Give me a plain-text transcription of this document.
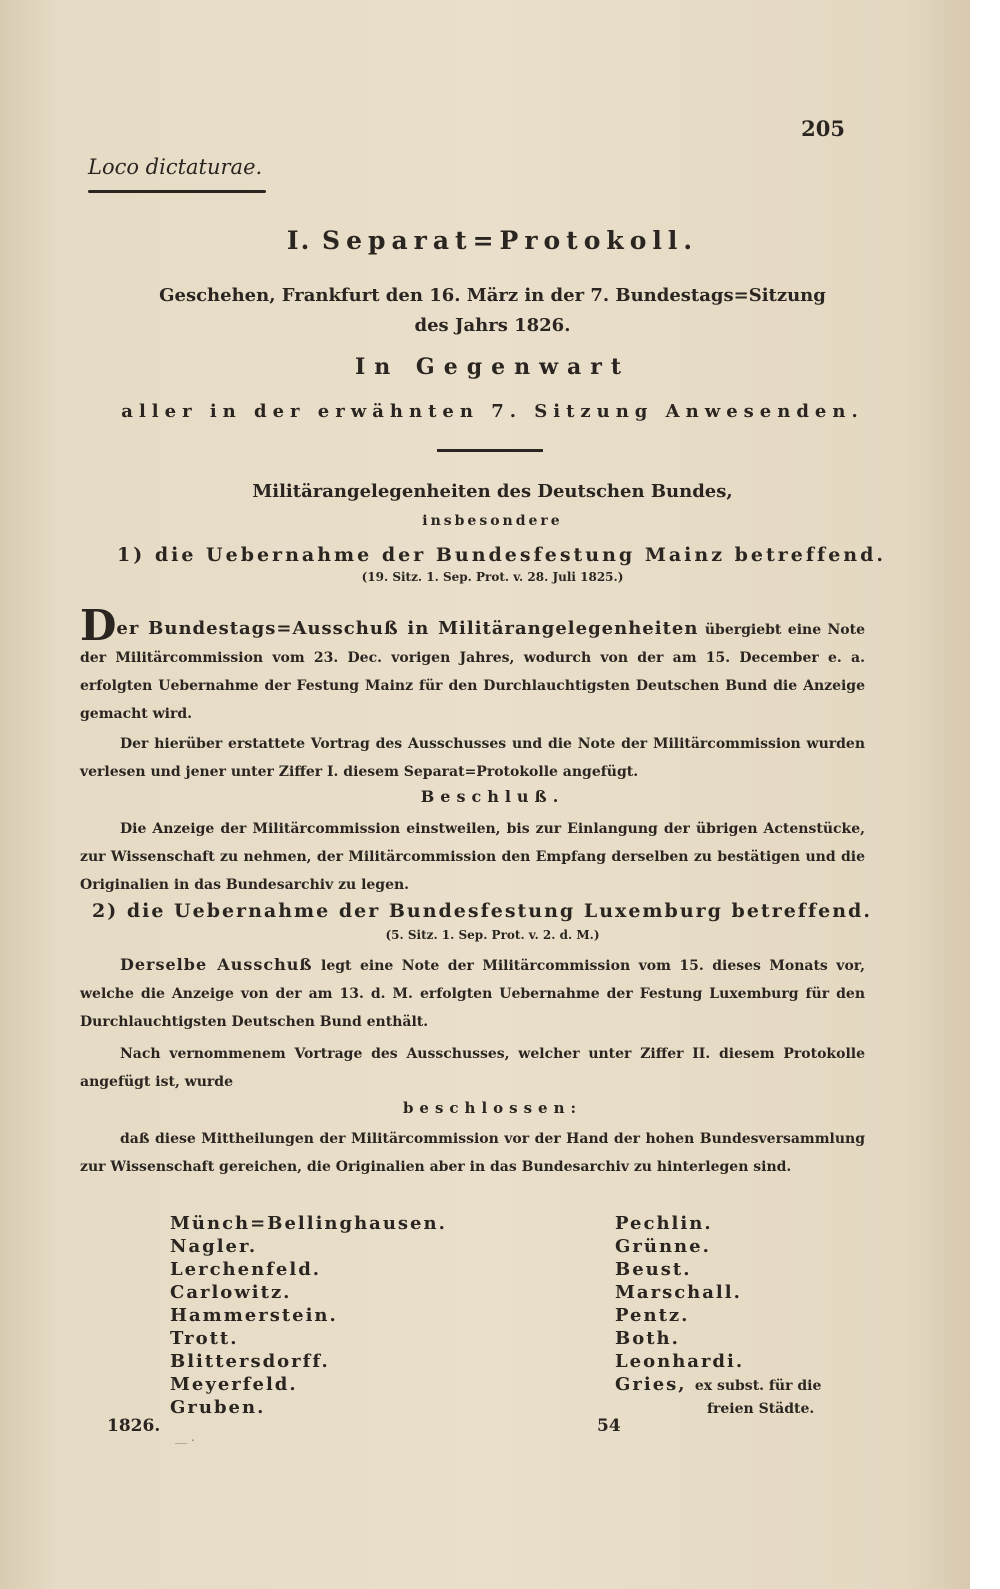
205
Loco dictaturae.
I. Separat=Protokoll.
Geschehen, Frankfurt den 16. März in der 7. Bundestags=Sitzung
des Jahrs 1826.
In Gegenwart
aller in der erwähnten 7. Sitzung Anwesenden.
Militärangelegenheiten des Deutschen Bundes,
insbesondere
1) die Uebernahme der Bundesfestung Mainz betreffend.
(19. Sitz. 1. Sep. Prot. v. 28. Juli 1825.)
Der Bundestags=Ausschuß in Militärangelegenheiten übergiebt eine Note der Militärcommission vom 23. Dec. vorigen Jahres, wodurch von der am 15. December e. a. erfolgten Uebernahme der Festung Mainz für den Durchlauchtigsten Deutschen Bund die Anzeige gemacht wird.
Der hierüber erstattete Vortrag des Ausschusses und die Note der Militärcommission wurden verlesen und jener unter Ziffer I. diesem Separat=Protokolle angefügt.
Beschluß.
Die Anzeige der Militärcommission einstweilen, bis zur Einlangung der übrigen Actenstücke, zur Wissenschaft zu nehmen, der Militärcommission den Empfang derselben zu bestätigen und die Originalien in das Bundesarchiv zu legen.
2) die Uebernahme der Bundesfestung Luxemburg betreffend.
(5. Sitz. 1. Sep. Prot. v. 2. d. M.)
Derselbe Ausschuß legt eine Note der Militärcommission vom 15. dieses Monats vor, welche die Anzeige von der am 13. d. M. erfolgten Uebernahme der Festung Luxemburg für den Durchlauchtigsten Deutschen Bund enthält.
Nach vernommenem Vortrage des Ausschusses, welcher unter Ziffer II. diesem Protokolle angefügt ist, wurde
beschlossen:
daß diese Mittheilungen der Militärcommission vor der Hand der hohen Bundesversammlung zur Wissenschaft gereichen, die Originalien aber in das Bundesarchiv zu hinterlegen sind.
Münch=Bellinghausen.
Nagler.
Lerchenfeld.
Carlowitz.
Hammerstein.
Trott.
Blittersdorff.
Meyerfeld.
Gruben.
Pechlin.
Grünne.
Beust.
Marschall.
Pentz.
Both.
Leonhardi.
Gries, ex subst. für die
freien Städte.
1826.
__ .
54
